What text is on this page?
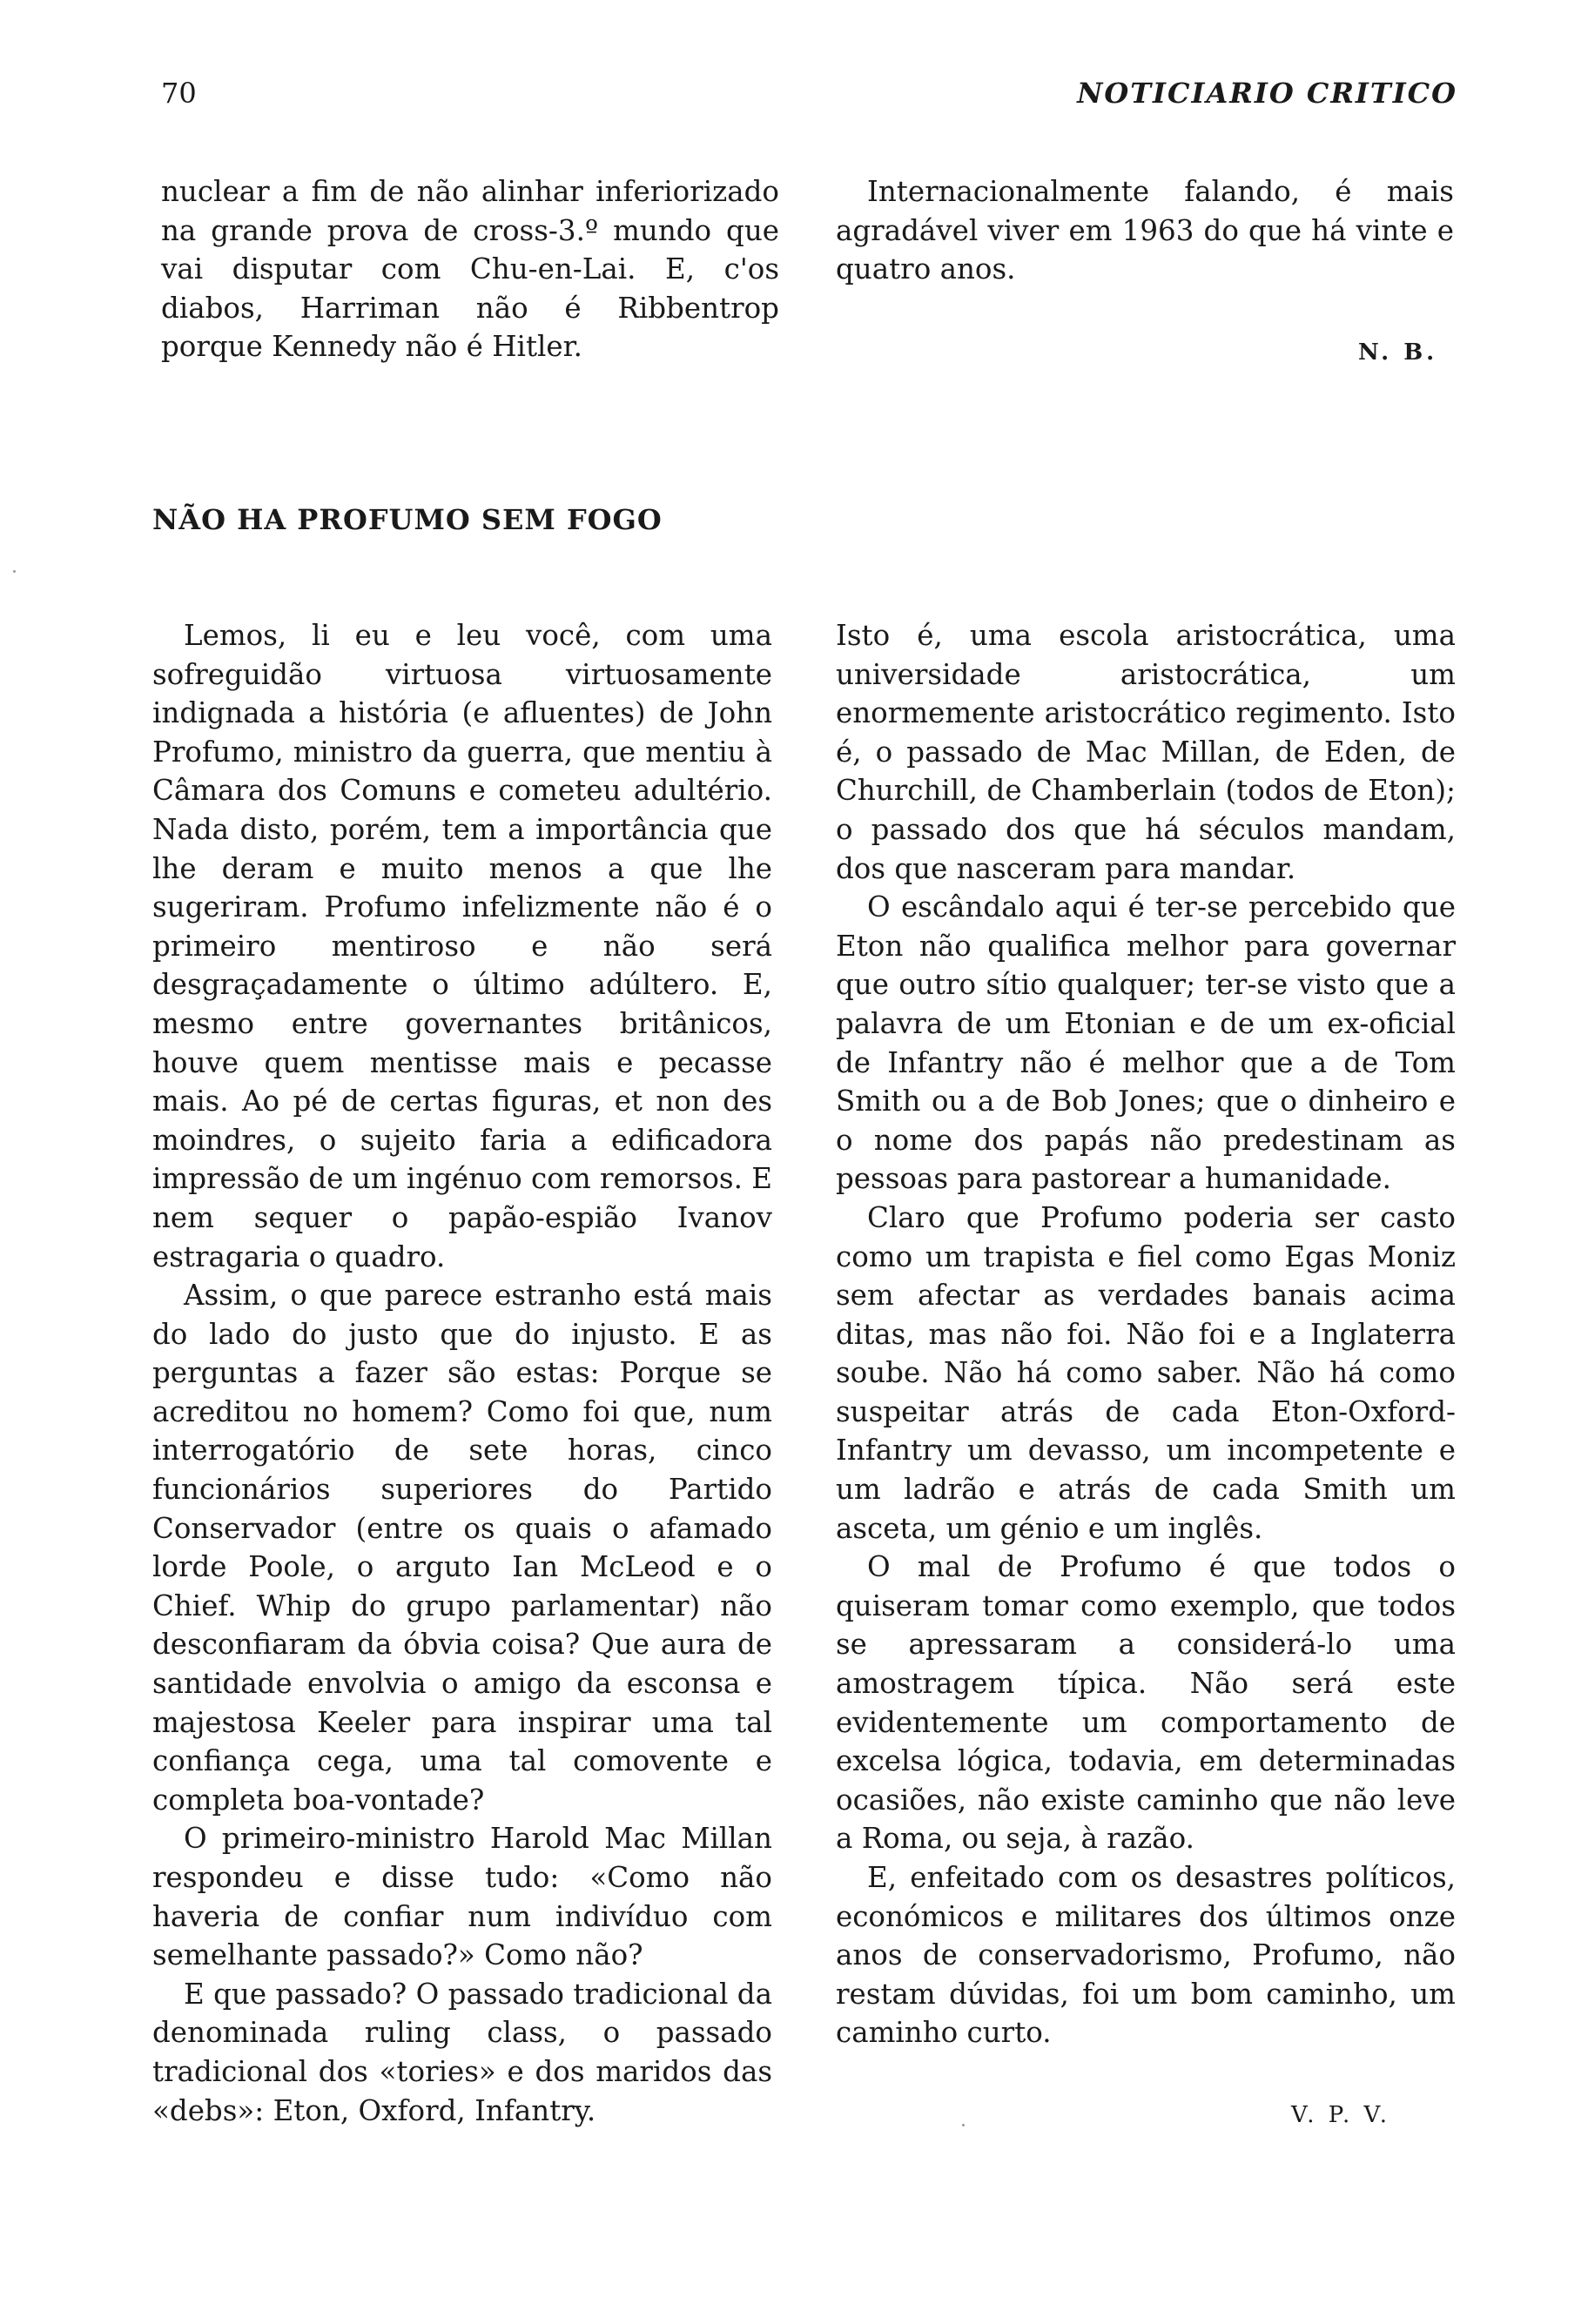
70	NOTICIARIO CRITICO

nuclear a fim de não alinhar inferiorizado na grande prova de cross-3.º mundo que vai disputar com Chu-en-Lai. E, c'os diabos, Harriman não é Ribbentrop porque Kennedy não é Hitler.

Internacionalmente falando, é mais agradável viver em 1963 do que há vinte e quatro anos.

N. B.
NÃO HA PROFUMO SEM FOGO

Lemos, li eu e leu você, com uma sofreguidão virtuosa virtuosamente indignada a história (e afluentes) de John Profumo, ministro da guerra, que mentiu à Câmara dos Comuns e cometeu adultério. Nada disto, porém, tem a importância que lhe deram e muito menos a que lhe sugeriram. Profumo infelizmente não é o primeiro mentiroso e não será desgraçadamente o último adúltero. E, mesmo entre governantes britânicos, houve quem mentisse mais e pecasse mais. Ao pé de certas figuras, et non des moindres, o sujeito faria a edificadora impressão de um ingénuo com remorsos. E nem sequer o papão-espião Ivanov estragaria o quadro.

Assim, o que parece estranho está mais do lado do justo que do injusto. E as perguntas a fazer são estas: Porque se acreditou no homem? Como foi que, num interrogatório de sete horas, cinco funcionários superiores do Partido Conservador (entre os quais o afamado lorde Poole, o arguto Ian McLeod e o Chief. Whip do grupo parlamentar) não desconfiaram da óbvia coisa? Que aura de santidade envolvia o amigo da esconsa e majestosa Keeler para inspirar uma tal confiança cega, uma tal comovente e completa boa-vontade?

O primeiro-ministro Harold Mac Millan respondeu e disse tudo: «Como não haveria de confiar num indivíduo com semelhante passado?» Como não?

E que passado? O passado tradicional da denominada ruling class, o passado tradicional dos «tories» e dos maridos das «debs»: Eton, Oxford, Infantry.

Isto é, uma escola aristocrática, uma universidade aristocrática, um enormemente aristocrático regimento. Isto é, o passado de Mac Millan, de Eden, de Churchill, de Chamberlain (todos de Eton); o passado dos que há séculos mandam, dos que nasceram para mandar.

O escândalo aqui é ter-se percebido que Eton não qualifica melhor para governar que outro sítio qualquer; ter-se visto que a palavra de um Etonian e de um ex-oficial de Infantry não é melhor que a de Tom Smith ou a de Bob Jones; que o dinheiro e o nome dos papás não predestinam as pessoas para pastorear a humanidade.

Claro que Profumo poderia ser casto como um trapista e fiel como Egas Moniz sem afectar as verdades banais acima ditas, mas não foi. Não foi e a Inglaterra soube. Não há como saber. Não há como suspeitar atrás de cada Eton-Oxford-Infantry um devasso, um incompetente e um ladrão e atrás de cada Smith um asceta, um génio e um inglês.

O mal de Profumo é que todos o quiseram tomar como exemplo, que todos se apressaram a considerá-lo uma amostragem típica. Não será este evidentemente um comportamento de excelsa lógica, todavia, em determinadas ocasiões, não existe caminho que não leve a Roma, ou seja, à razão.

E, enfeitado com os desastres políticos, económicos e militares dos últimos onze anos de conservadorismo, Profumo, não restam dúvidas, foi um bom caminho, um caminho curto.

V. P. V.
